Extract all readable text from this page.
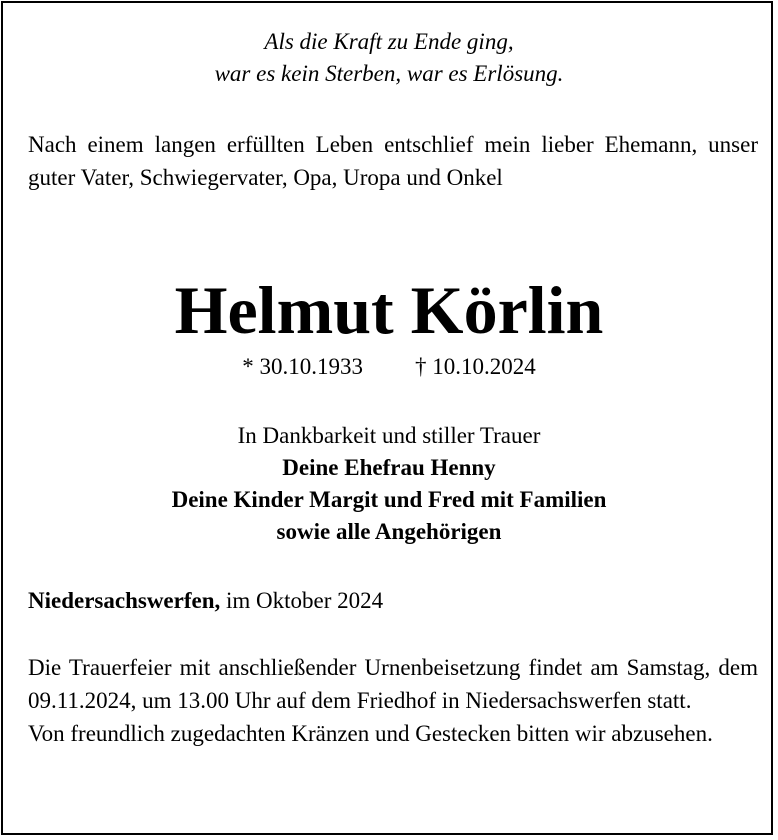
Als die Kraft zu Ende ging,
war es kein Sterben, war es Erlösung.
Nach einem langen erfüllten Leben entschlief mein lieber Ehemann, unser guter Vater, Schwiegervater, Opa, Uropa und Onkel
Helmut Körlin
* 30.10.1933 † 10.10.2024
In Dankbarkeit und stiller Trauer
Deine Ehefrau Henny
Deine Kinder Margit und Fred mit Familien
sowie alle Angehörigen
Niedersachswerfen, im Oktober 2024

Die Trauerfeier mit anschließender Urnenbeisetzung findet am Samstag, dem 09.11.2024, um 13.00 Uhr auf dem Friedhof in Niedersachswerfen statt.

Von freundlich zugedachten Kränzen und Gestecken bitten wir abzusehen.
